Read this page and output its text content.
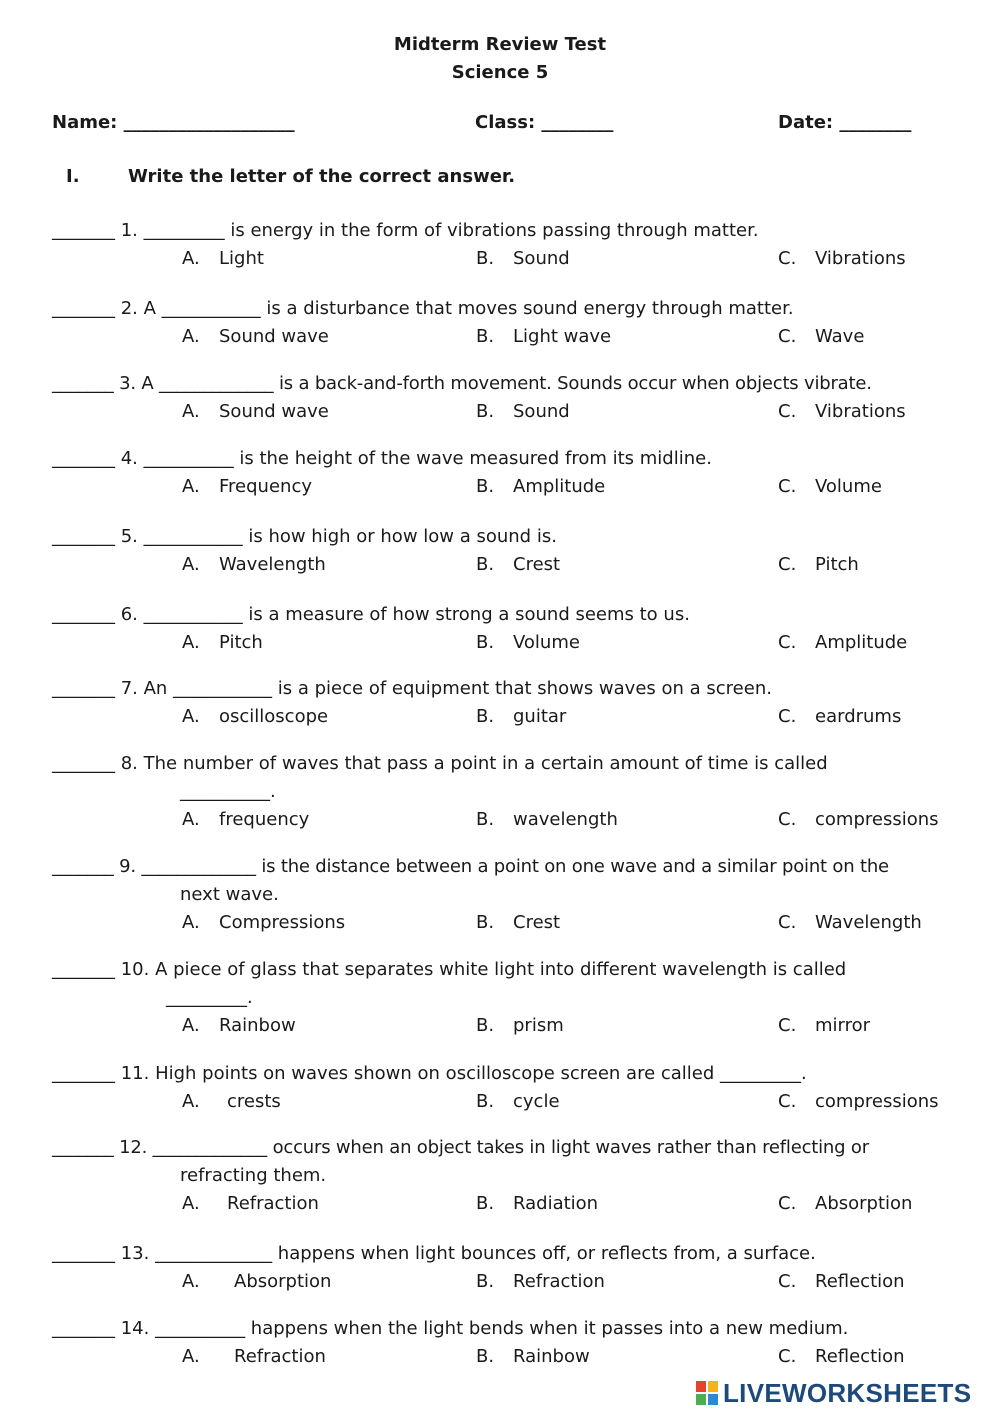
Midterm Review Test
Science 5
Name: ___________________	Class: ________	Date: ________
I.	Write the letter of the correct answer.
_______ 1. _________ is energy in the form of vibrations passing through matter.
A. Light	B. Sound	C. Vibrations
_______ 2. A ___________ is a disturbance that moves sound energy through matter.
A. Sound wave	B. Light wave	C. Wave
_______ 3. A _____________ is a back-and-forth movement. Sounds occur when objects vibrate.
A. Sound wave	B. Sound	C. Vibrations
_______ 4. __________ is the height of the wave measured from its midline.
A. Frequency	B. Amplitude	C. Volume
_______ 5. ___________ is how high or how low a sound is.
A. Wavelength	B. Crest	C. Pitch
_______ 6. ___________ is a measure of how strong a sound seems to us.
A. Pitch	B. Volume	C. Amplitude
_______ 7. An ___________ is a piece of equipment that shows waves on a screen.
A. oscilloscope	B. guitar	C. eardrums
_______ 8. The number of waves that pass a point in a certain amount of time is called
__________.
A. frequency	B. wavelength	C. compressions
_______ 9. _____________ is the distance between a point on one wave and a similar point on the
next wave.
A. Compressions	B. Crest	C. Wavelength
_______ 10. A piece of glass that separates white light into different wavelength is called
_________.
A. Rainbow	B. prism	C. mirror
_______ 11. High points on waves shown on oscilloscope screen are called _________.
A. crests	B. cycle	C. compressions
_______ 12. _____________ occurs when an object takes in light waves rather than reflecting or
refracting them.
A. Refraction	B. Radiation	C. Absorption
_______ 13. _____________ happens when light bounces off, or reflects from, a surface.
A. Absorption	B. Refraction	C. Reflection
_______ 14. __________ happens when the light bends when it passes into a new medium.
A. Refraction	B. Rainbow	C. Reflection
LIVEWORKSHEETS
